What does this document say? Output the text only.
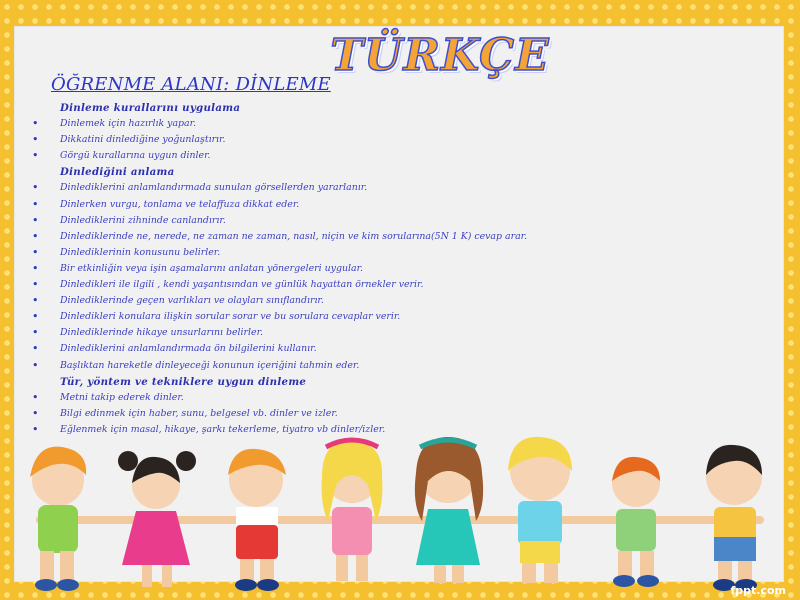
TÜRKÇE
ÖĞRENME ALANI: DİNLEME
Dinleme kurallarını uygulama
• Dinlemek için hazırlık yapar.
• Dikkatini dinlediğine yoğunlaştırır.
• Görgü kurallarına uygun dinler.
Dinlediğini anlama
• Dinlediklerini anlamlandırmada sunulan görsellerden yararlanır.
• Dinlerken vurgu, tonlama ve telaffuza dikkat eder.
• Dinlediklerini zihninde canlandırır.
• Dinlediklerinde ne, nerede, ne zaman ne zaman, nasıl, niçin ve kim sorularına(5N 1 K) cevap arar.
• Dinlediklerinin konusunu belirler.
• Bir etkinliğin veya işin aşamalarını anlatan yönergeleri uygular.
• Dinledikleri ile ilgili , kendi yaşantısından ve günlük hayattan örnekler verir.
• Dinlediklerinde geçen varlıkları ve olayları sınıflandırır.
• Dinledikleri konulara ilişkin sorular sorar ve bu sorulara cevaplar verir.
• Dinlediklerinde hikaye unsurlarını belirler.
• Dinlediklerini anlamlandırmada ön bilgilerini kullanır.
• Başlıktan hareketle dinleyeceği konunun içeriğini tahmin eder.
Tür, yöntem ve tekniklere uygun dinleme
• Metni takip ederek dinler.
• Bilgi edinmek için haber, sunu, belgesel vb. dinler ve izler.
• Eğlenmek için masal, hikaye, şarkı tekerleme, tiyatro vb dinler/izler.
fppt.com
